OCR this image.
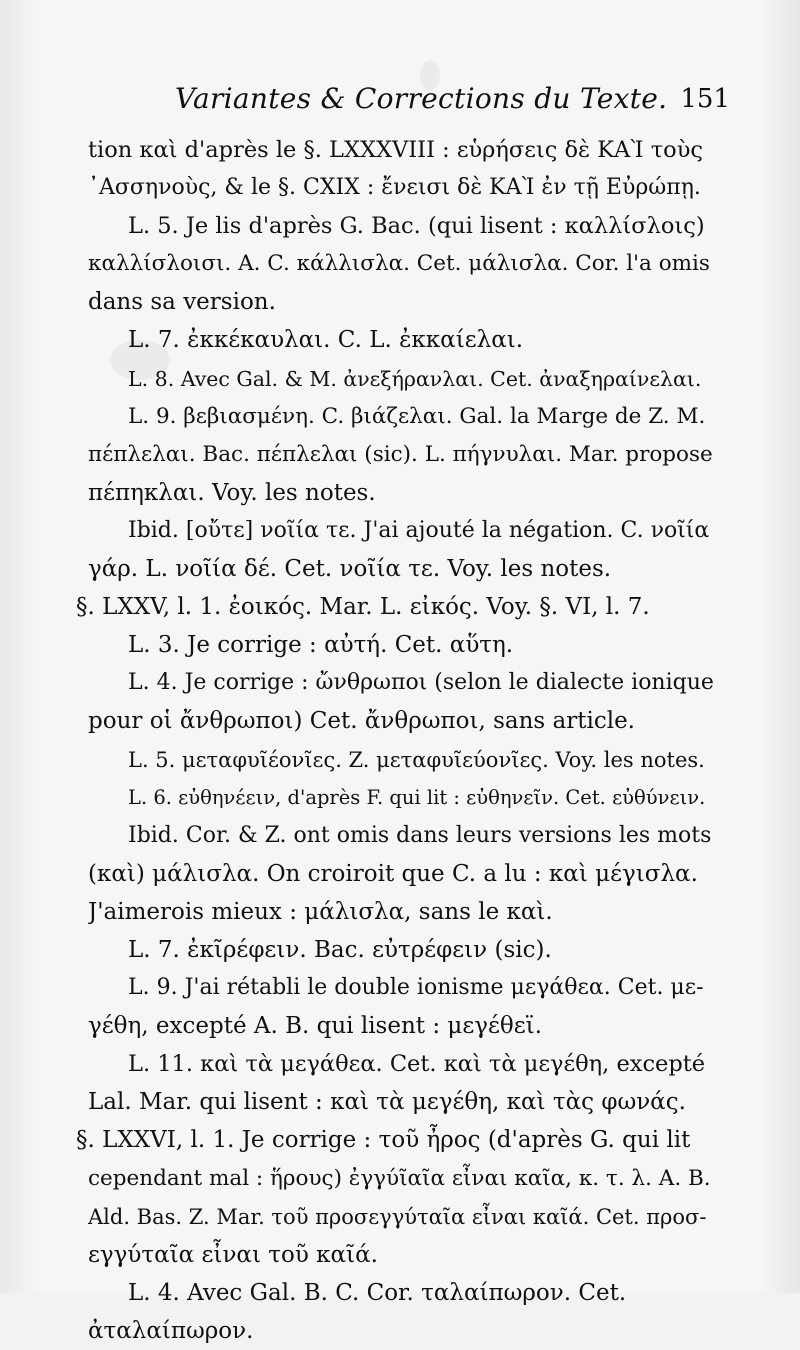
Variantes & Corrections du Texte. 151
tion καὶ d'après le §. LXXXVIII : εὑρήσεις δὲ ΚΑῚ τοὺς
᾿Ασσηνοὺς, & le §. CXIX : ἔνεισι δὲ ΚΑῚ ἐν τῇ Εὐρώπῃ.
L. 5. Je lis d'après G. Bac. (qui lisent : καλλίσλοις)
καλλίσλοισι. A. C. κάλλισλα. Cet. μάλισλα. Cor. l'a omis
dans sa version.
L. 7. ἐκκέκαυλαι. C. L. ἐκκαίελαι.
L. 8. Avec Gal. & M. ἀνεξήρανλαι. Cet. ἀναξηραίνελαι.
L. 9. βεβιασμένη. C. βιάζελαι. Gal. la Marge de Z. M.
πέπλελαι. Bac. πέπλελαι (sic). L. πήγνυλαι. Mar. propose
πέπηκλαι. Voy. les notes.
Ibid. [οὔτε] νοῖία τε. J'ai ajouté la négation. C. νοῖία
γάρ. L. νοῖία δέ. Cet. νοῖία τε. Voy. les notes.
§. LXXV, l. 1. ἐοικός. Mar. L. εἰκός. Voy. §. VI, l. 7.
L. 3. Je corrige : αὐτή. Cet. αὕτη.
L. 4. Je corrige : ὤνθρωποι (selon le dialecte ionique
pour οἱ ἄνθρωποι) Cet. ἄνθρωποι, sans article.
L. 5. μεταφυῖέονῖες. Z. μεταφυῖεύονῖες. Voy. les notes.
L. 6. εὐθηνέειν, d'après F. qui lit : εὐθηνεῖν. Cet. εὐθύνειν.
Ibid. Cor. & Z. ont omis dans leurs versions les mots
(καὶ) μάλισλα. On croiroit que C. a lu : καὶ μέγισλα.
J'aimerois mieux : μάλισλα, sans le καὶ.
L. 7. ἐκῖρέφειν. Bac. εὐτρέφειν (sic).
L. 9. J'ai rétabli le double ionisme μεγάθεα. Cet. με-
γέθη, excepté A. B. qui lisent : μεγέθεϊ.
L. 11. καὶ τὰ μεγάθεα. Cet. καὶ τὰ μεγέθη, excepté
Lal. Mar. qui lisent : καὶ τὰ μεγέθη, καὶ τὰς φωνάς.
§. LXXVI, l. 1. Je corrige : τοῦ ἦρος (d'après G. qui lit
cependant mal : ἥρους) ἐγγύῖαῖα εἶναι καῖα, κ. τ. λ. A. B.
Ald. Bas. Z. Mar. τοῦ προσεγγύταῖα εἶναι καῖά. Cet. προσ-
εγγύταῖα εἶναι τοῦ καῖά.
L. 4. Avec Gal. B. C. Cor. ταλαίπωρον. Cet.
ἀταλαίπωρον.
